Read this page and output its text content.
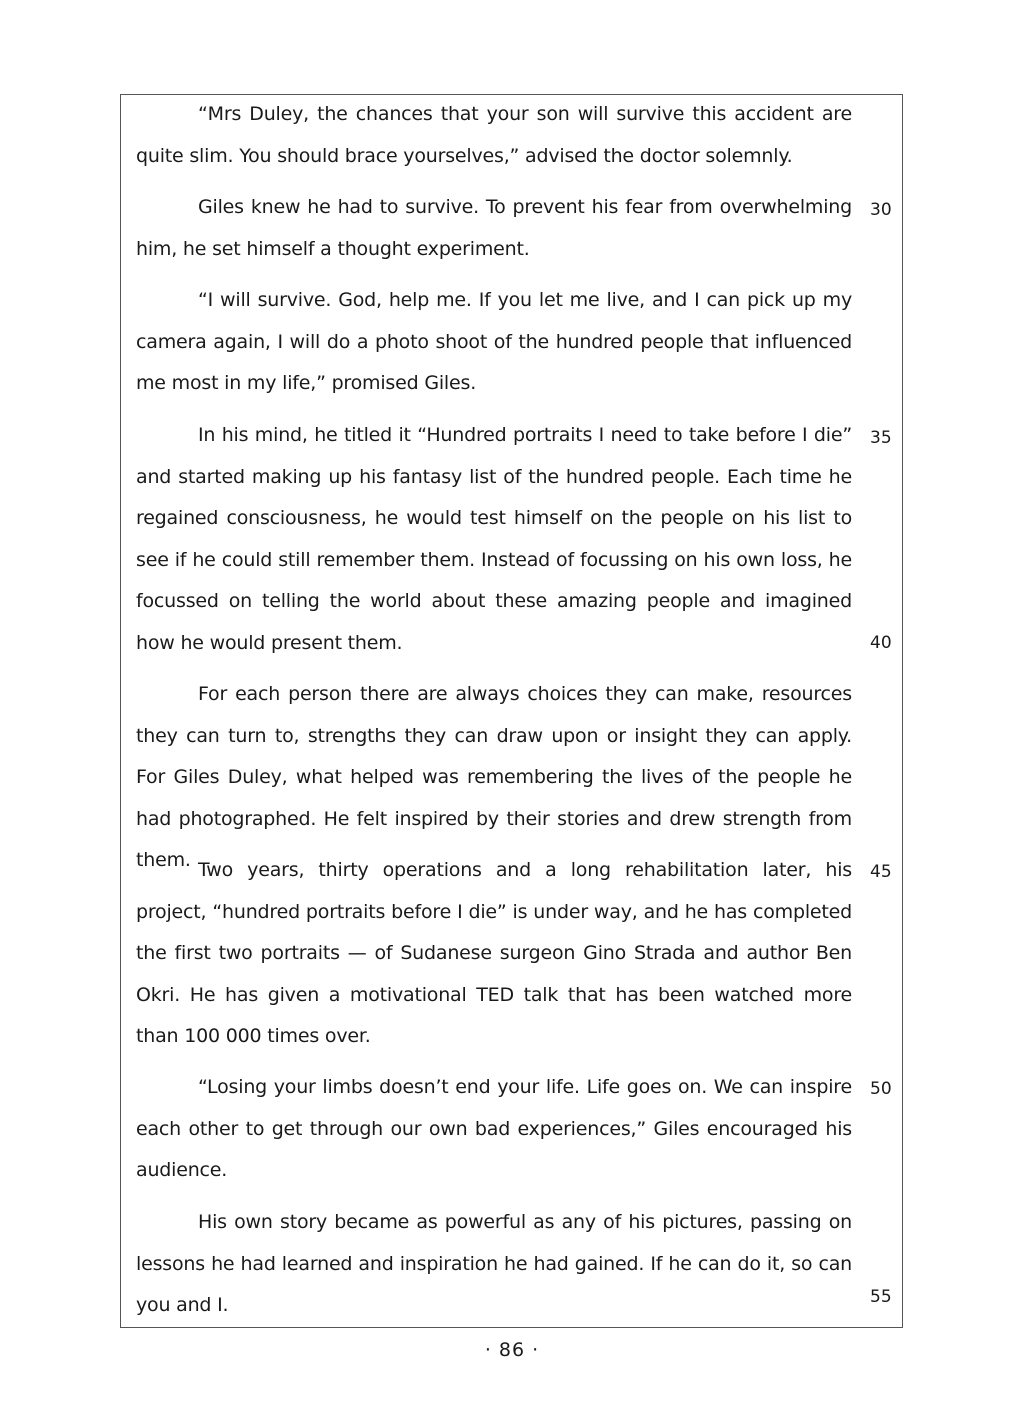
“Mrs Duley, the chances that your son will survive this accident are quite slim. You should brace yourselves,” advised the doctor solemnly.

Giles knew he had to survive. To prevent his fear from overwhelming him, he set himself a thought experiment.

“I will survive. God, help me. If you let me live, and I can pick up my camera again, I will do a photo shoot of the hundred people that influenced me most in my life,” promised Giles.

In his mind, he titled it “Hundred portraits I need to take before I die” and started making up his fantasy list of the hundred people. Each time he regained consciousness, he would test himself on the people on his list to see if he could still remember them. Instead of focussing on his own loss, he focussed on telling the world about these amazing people and imagined how he would present them.

For each person there are always choices they can make, resources they can turn to, strengths they can draw upon or insight they can apply. For Giles Duley, what helped was remembering the lives of the people he had photographed. He felt inspired by their stories and drew strength from them. Two years, thirty operations and a long rehabilitation later, his project, “hundred portraits before I die” is under way, and he has completed the first two portraits — of Sudanese surgeon Gino Strada and author Ben Okri. He has given a motivational TED talk that has been watched more than 100 000 times over.

“Losing your limbs doesn’t end your life. Life goes on. We can inspire each other to get through our own bad experiences,” Giles encouraged his audience.

His own story became as powerful as any of his pictures, passing on lessons he had learned and inspiration he had gained. If he can do it, so can you and I.

30
35
40
45
50
55
· 86 ·
